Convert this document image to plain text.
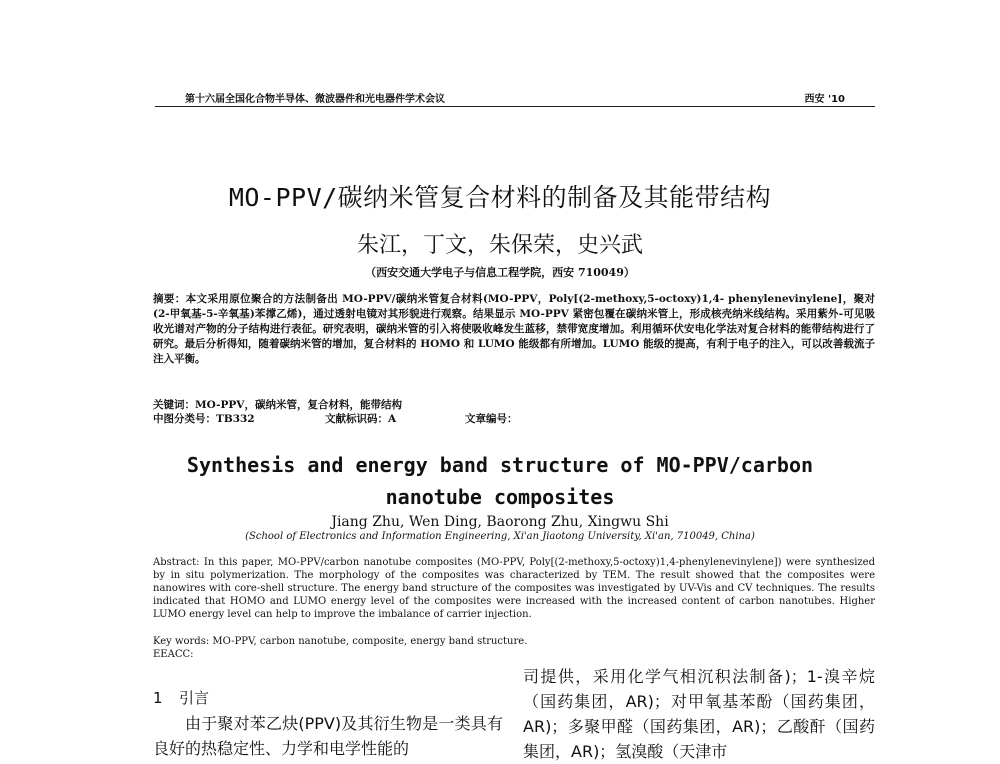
第十六届全国化合物半导体、微波器件和光电器件学术会议	西安 '10
MO-PPV/碳纳米管复合材料的制备及其能带结构
朱江，丁文，朱保荣，史兴武
（西安交通大学电子与信息工程学院，西安 710049）
摘要：本文采用原位聚合的方法制备出 MO-PPV/碳纳米管复合材料(MO-PPV，Poly[(2-methoxy,5-octoxy)1,4- phenylenevinylene]，聚对(2-甲氧基-5-辛氧基)苯撑乙烯)，通过透射电镜对其形貌进行观察。结果显示 MO-PPV 紧密包覆在碳纳米管上，形成核壳纳米线结构。采用紫外-可见吸收光谱对产物的分子结构进行表征。研究表明，碳纳米管的引入将使吸收峰发生蓝移，禁带宽度增加。利用循环伏安电化学法对复合材料的能带结构进行了研究。最后分析得知，随着碳纳米管的增加，复合材料的 HOMO 和 LUMO 能级都有所增加。LUMO 能级的提高，有利于电子的注入，可以改善载流子注入平衡。
关键词：MO-PPV，碳纳米管，复合材料，能带结构
中图分类号：TB332	文献标识码：A	文章编号：
Synthesis and energy band structure of MO-PPV/carbon
nanotube composites
Jiang Zhu, Wen Ding, Baorong Zhu, Xingwu Shi
(School of Electronics and Information Engineering, Xi'an Jiaotong University, Xi'an, 710049, China)
Abstract: In this paper, MO-PPV/carbon nanotube composites (MO-PPV, Poly[(2-methoxy,5-octoxy)1,4-phenylenevinylene]) were synthesized by in situ polymerization. The morphology of the composites was characterized by TEM. The result showed that the composites were nanowires with core-shell structure. The energy band structure of the composites was investigated by UV-Vis and CV techniques. The results indicated that HOMO and LUMO energy level of the composites were increased with the increased content of carbon nanotubes. Higher LUMO energy level can help to improve the imbalance of carrier injection.
Key words: MO-PPV, carbon nanotube, composite, energy band structure.
EEACC:
1 引言
由于聚对苯乙炔(PPV)及其衍生物是一类具有良好的热稳定性、力学和电学性能的
司提供，采用化学气相沉积法制备)；1-溴辛烷（国药集团，AR)；对甲氧基苯酚（国药集团，AR)；多聚甲醛（国药集团，AR)；乙酸酐（国药集团，AR)；氢溴酸（天津市
